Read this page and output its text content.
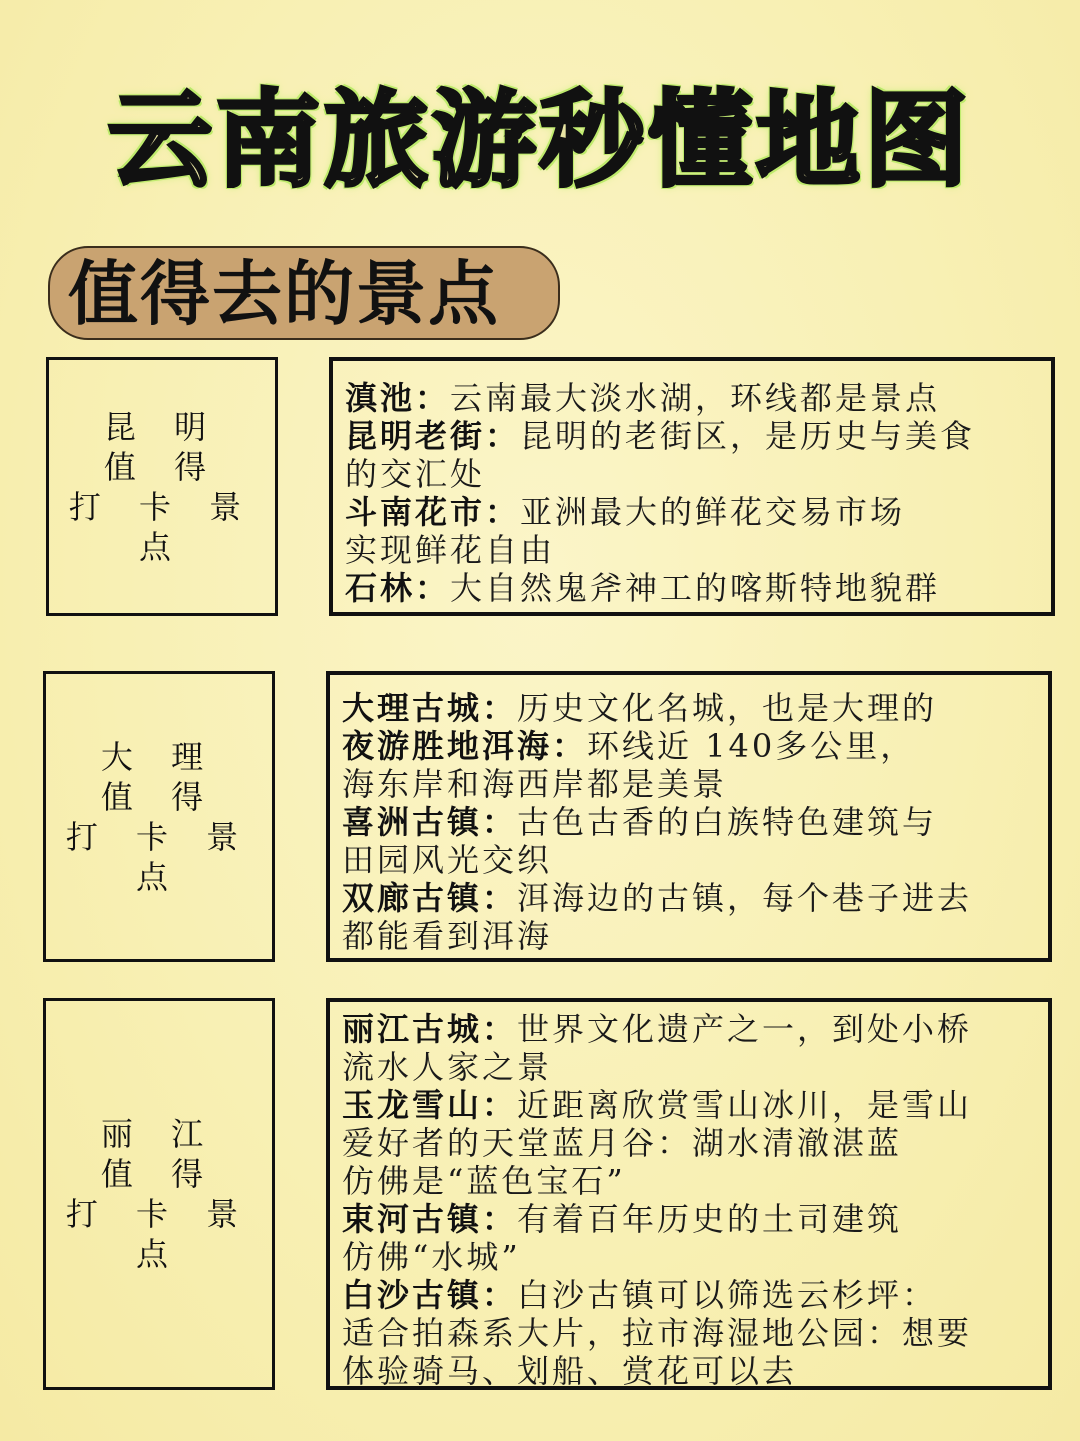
云南旅游秒懂地图
值得去的景点
昆 明
值 得
打 卡 景 点
滇池：云南最大淡水湖，环线都是景点
昆明老街：昆明的老街区，是历史与美食
的交汇处
斗南花市：亚洲最大的鲜花交易市场
实现鲜花自由
石林：大自然鬼斧神工的喀斯特地貌群
大 理
值 得
打 卡 景 点
大理古城：历史文化名城，也是大理的
夜游胜地洱海：环线近 140多公里，
海东岸和海西岸都是美景
喜洲古镇：古色古香的白族特色建筑与
田园风光交织
双廊古镇：洱海边的古镇，每个巷子进去
都能看到洱海
丽 江
值 得
打 卡 景 点
丽江古城：世界文化遗产之一，到处小桥
流水人家之景
玉龙雪山：近距离欣赏雪山冰川，是雪山
爱好者的天堂蓝月谷：湖水清澈湛蓝
仿佛是“蓝色宝石”
束河古镇：有着百年历史的土司建筑
仿佛“水城”
白沙古镇：白沙古镇可以筛选云杉坪：
适合拍森系大片，拉市海湿地公园：想要
体验骑马、划船、赏花可以去
